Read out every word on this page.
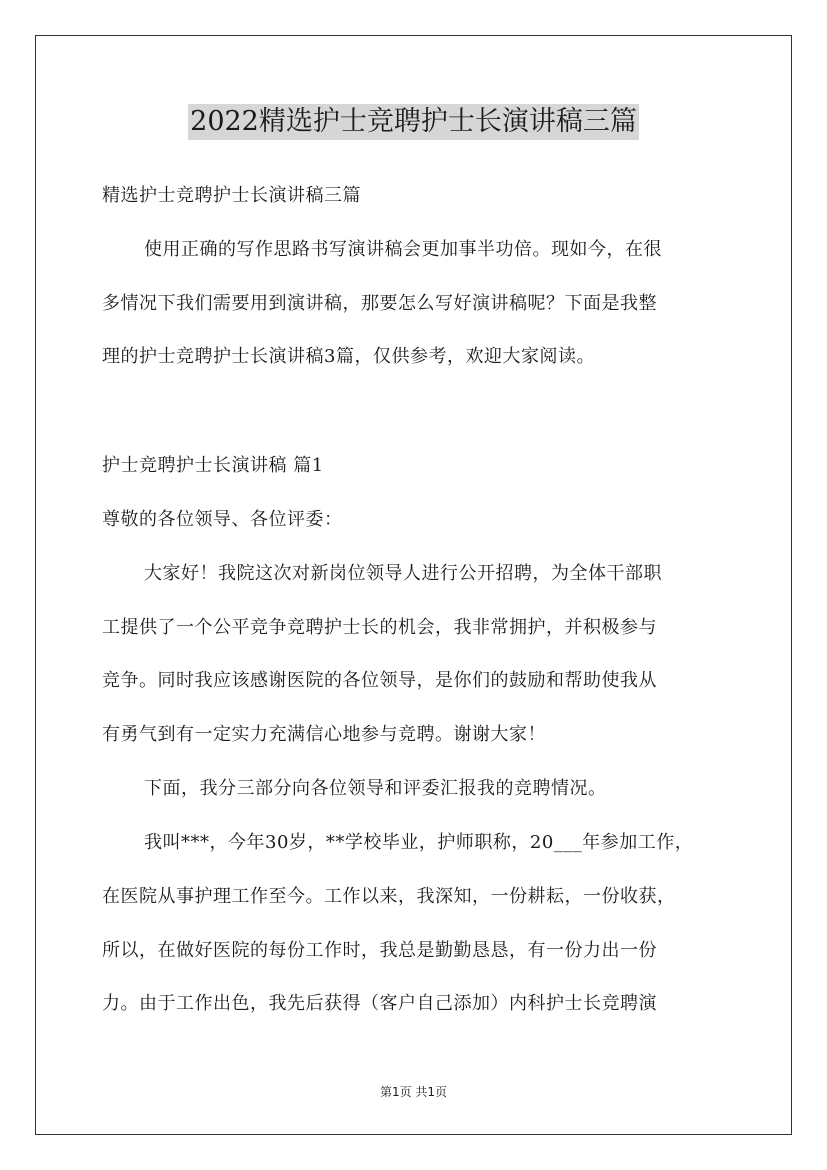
2022精选护士竞聘护士长演讲稿三篇
精选护士竞聘护士长演讲稿三篇
使用正确的写作思路书写演讲稿会更加事半功倍。现如今，在很
多情况下我们需要用到演讲稿，那要怎么写好演讲稿呢？下面是我整
理的护士竞聘护士长演讲稿3篇，仅供参考，欢迎大家阅读。
护士竞聘护士长演讲稿 篇1
尊敬的各位领导、各位评委：
大家好！我院这次对新岗位领导人进行公开招聘，为全体干部职
工提供了一个公平竞争竞聘护士长的机会，我非常拥护，并积极参与
竞争。同时我应该感谢医院的各位领导，是你们的鼓励和帮助使我从
有勇气到有一定实力充满信心地参与竞聘。谢谢大家！
下面，我分三部分向各位领导和评委汇报我的竞聘情况。
我叫***，今年30岁，**学校毕业，护师职称，20___年参加工作，
在医院从事护理工作至今。工作以来，我深知，一份耕耘，一份收获，
所以，在做好医院的每份工作时，我总是勤勤恳恳，有一份力出一份
力。由于工作出色，我先后获得（客户自己添加）内科护士长竞聘演
第1页 共1页
